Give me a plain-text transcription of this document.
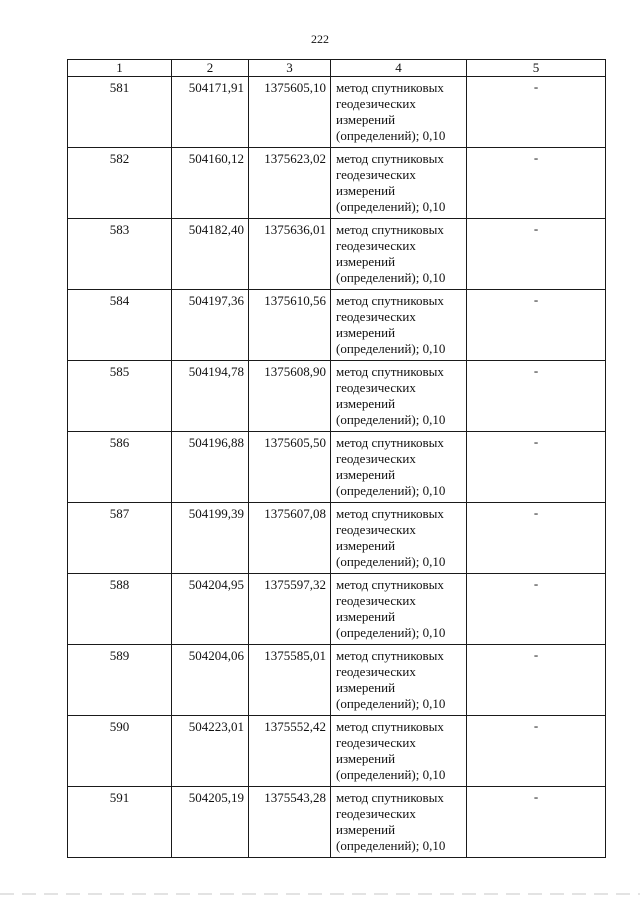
222
1	2	3	4	5
581	504171,91	1375605,10	метод спутниковых
геодезических
измерений
(определений); 0,10	-
582	504160,12	1375623,02	метод спутниковых
геодезических
измерений
(определений); 0,10	-
583	504182,40	1375636,01	метод спутниковых
геодезических
измерений
(определений); 0,10	-
584	504197,36	1375610,56	метод спутниковых
геодезических
измерений
(определений); 0,10	-
585	504194,78	1375608,90	метод спутниковых
геодезических
измерений
(определений); 0,10	-
586	504196,88	1375605,50	метод спутниковых
геодезических
измерений
(определений); 0,10	-
587	504199,39	1375607,08	метод спутниковых
геодезических
измерений
(определений); 0,10	-
588	504204,95	1375597,32	метод спутниковых
геодезических
измерений
(определений); 0,10	-
589	504204,06	1375585,01	метод спутниковых
геодезических
измерений
(определений); 0,10	-
590	504223,01	1375552,42	метод спутниковых
геодезических
измерений
(определений); 0,10	-
591	504205,19	1375543,28	метод спутниковых
геодезических
измерений
(определений); 0,10	-
